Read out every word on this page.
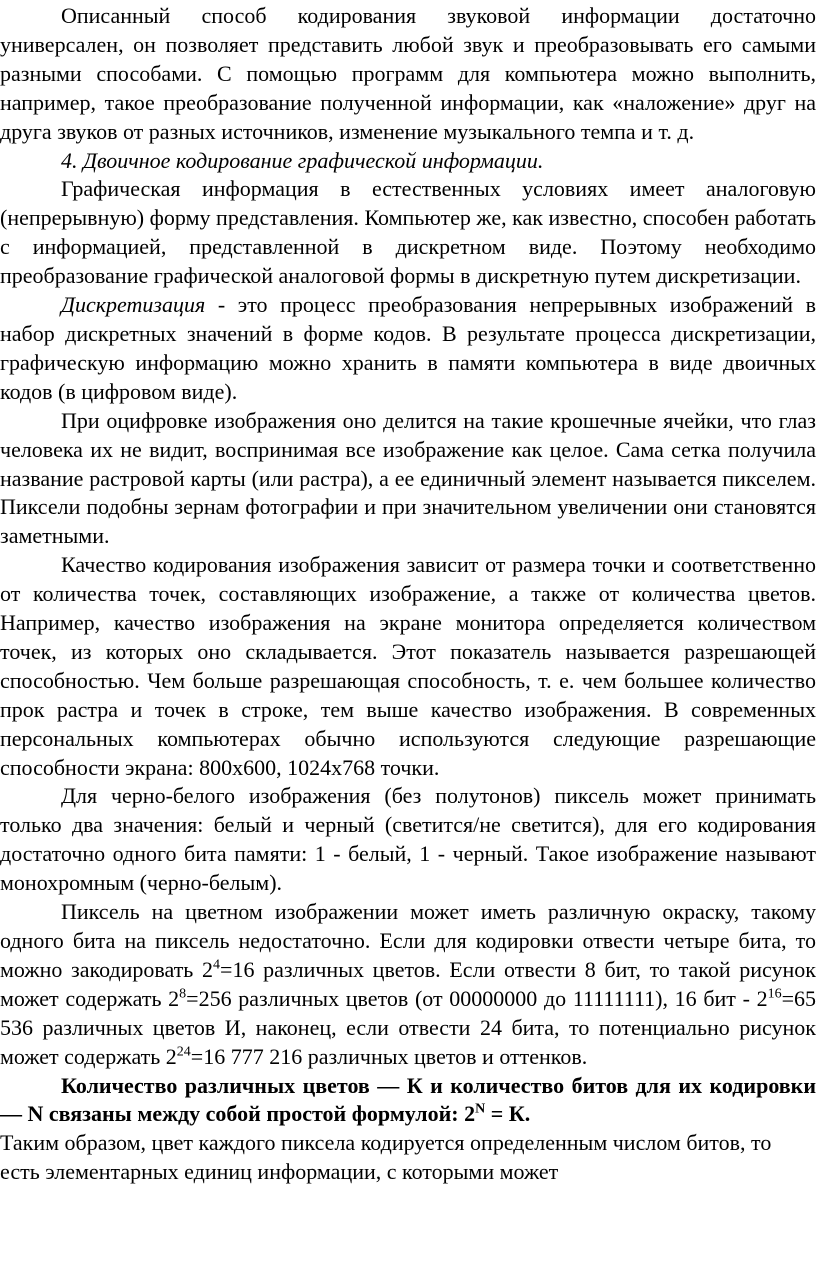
Описанный способ кодирования звуковой информации достаточно универсален, он позволяет представить любой звук и преобразовывать его самыми разными способами. С помощью программ для компьютера можно выполнить, например, такое преобразование полученной информации, как «наложение» друг на друга звуков от разных источников, изменение музыкального темпа и т. д.

4. Двоичное кодирование графической информации.

Графическая информация в естественных условиях имеет аналоговую (непрерывную) форму представления. Компьютер же, как известно, способен работать с информацией, представленной в дискретном виде. Поэтому необходимо преобразование графической аналоговой формы в дискретную путем дискретизации.

Дискретизация - это процесс преобразования непрерывных изображений в набор дискретных значений в форме кодов. В результате процесса дискретизации, графическую информацию можно хранить в памяти компьютера в виде двоичных кодов (в цифровом виде).

При оцифровке изображения оно делится на такие крошечные ячейки, что глаз человека их не видит, воспринимая все изображение как целое. Сама сетка получила название растровой карты (или растра), а ее единичный элемент называется пикселем. Пиксели подобны зернам фотографии и при значительном увеличении они становятся заметными.

Качество кодирования изображения зависит от размера точки и соответственно от количества точек, составляющих изображение, а также от количества цветов. Например, качество изображения на экране монитора определяется количеством точек, из которых оно складывается. Этот показатель называется разрешающей способностью. Чем больше разрешающая способность, т. е. чем большее количество прок растра и точек в строке, тем выше качество изображения. В современных персональных компьютерах обычно используются следующие разрешающие способности экрана: 800x600, 1024x768 точки.

Для черно-белого изображения (без полутонов) пиксель может принимать только два значения: белый и черный (светится/не светится), для его кодирования достаточно одного бита памяти: 1 - белый, 1 - черный. Такое изображение называют монохромным (черно-белым).

Пиксель на цветном изображении может иметь различную окраску, такому одного бита на пиксель недостаточно. Если для кодировки отвести четыре бита, то можно закодировать $2^4=16$ различных цветов. Если отвести 8 бит, то такой рисунок может содержать $2^8=256$ различных цветов (от 00000000 до 11111111), 16 бит - $2^{16}=65$ 536 различных цветов И, наконец, если отвести 24 бита, то потенциально рисунок может содержать $2^{24}=16$ 777 216 различных цветов и оттенков.

Количество различных цветов — К и количество битов для их кодировки — N связаны между собой простой формулой: $2^N = К$.

Таким образом, цвет каждого пиксела кодируется определенным числом битов, то есть элементарных единиц информации, с которыми может
